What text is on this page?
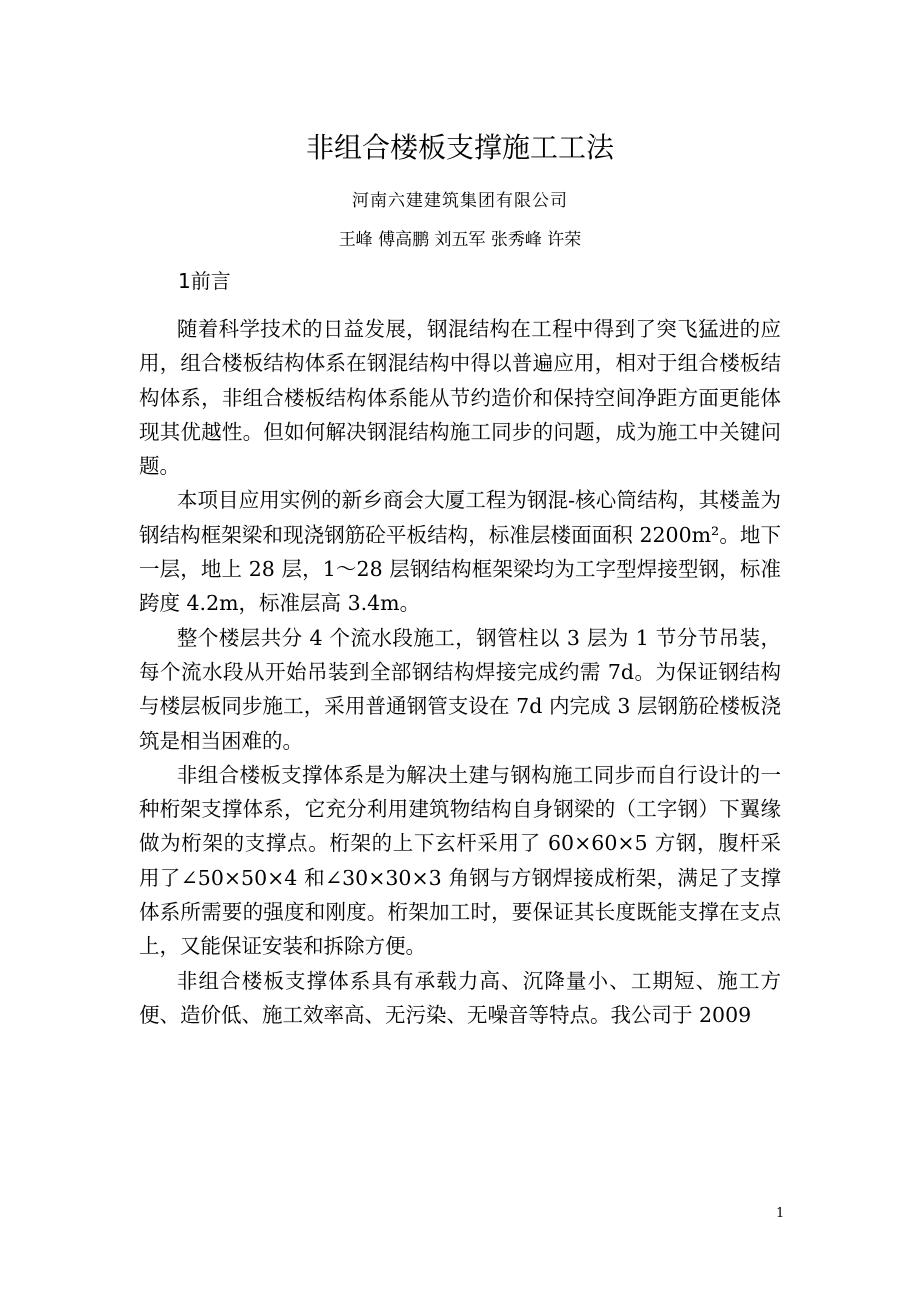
非组合楼板支撑施工工法
河南六建建筑集团有限公司
王峰 傅高鹏 刘五军 张秀峰 许荣
1前言

随着科学技术的日益发展，钢混结构在工程中得到了突飞猛进的应用，组合楼板结构体系在钢混结构中得以普遍应用，相对于组合楼板结构体系，非组合楼板结构体系能从节约造价和保持空间净距方面更能体现其优越性。但如何解决钢混结构施工同步的问题，成为施工中关键问题。

本项目应用实例的新乡商会大厦工程为钢混-核心筒结构，其楼盖为钢结构框架梁和现浇钢筋砼平板结构，标准层楼面面积 2200m²。地下一层，地上 28 层，1～28 层钢结构框架梁均为工字型焊接型钢，标准跨度 4.2m，标准层高 3.4m。

整个楼层共分 4 个流水段施工，钢管柱以 3 层为 1 节分节吊装，每个流水段从开始吊装到全部钢结构焊接完成约需 7d。为保证钢结构与楼层板同步施工，采用普通钢管支设在 7d 内完成 3 层钢筋砼楼板浇筑是相当困难的。

非组合楼板支撑体系是为解决土建与钢构施工同步而自行设计的一种桁架支撑体系，它充分利用建筑物结构自身钢梁的（工字钢）下翼缘做为桁架的支撑点。桁架的上下玄杆采用了 60×60×5 方钢，腹杆采用了∠50×50×4 和∠30×30×3 角钢与方钢焊接成桁架，满足了支撑体系所需要的强度和刚度。桁架加工时，要保证其长度既能支撑在支点上，又能保证安装和拆除方便。

非组合楼板支撑体系具有承载力高、沉降量小、工期短、施工方便、造价低、施工效率高、无污染、无噪音等特点。我公司于 2009

1
